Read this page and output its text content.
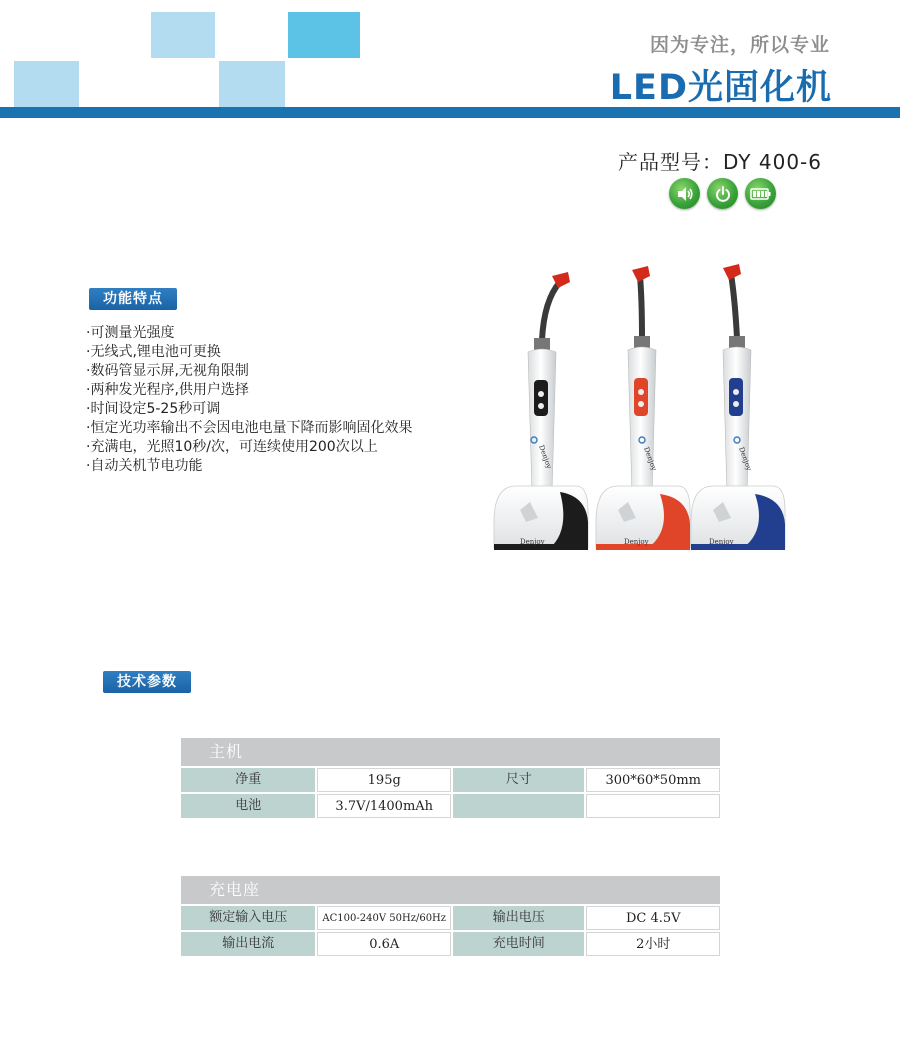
因为专注，所以专业
LED光固化机
产品型号：DY 400-6
功能特点
·可测量光强度
·无线式,锂电池可更换
·数码管显示屏,无视角限制
·两种发光程序,供用户选择
·时间设定5-25秒可调
·恒定光功率输出不会因电池电量下降而影响固化效果
·充满电，光照10秒/次，可连续使用200次以上
·自动关机节电功能	Denjoy
Denjoy
Denjoy
Denjoy
Denjoy
Denjoy
技术参数
主机
净重	195g	尺寸	300*60*50mm
电池	3.7V/1400mAh
充电座
额定输入电压	AC100-240V 50Hz/60Hz	输出电压	DC 4.5V
输出电流	0.6A	充电时间	2小时
